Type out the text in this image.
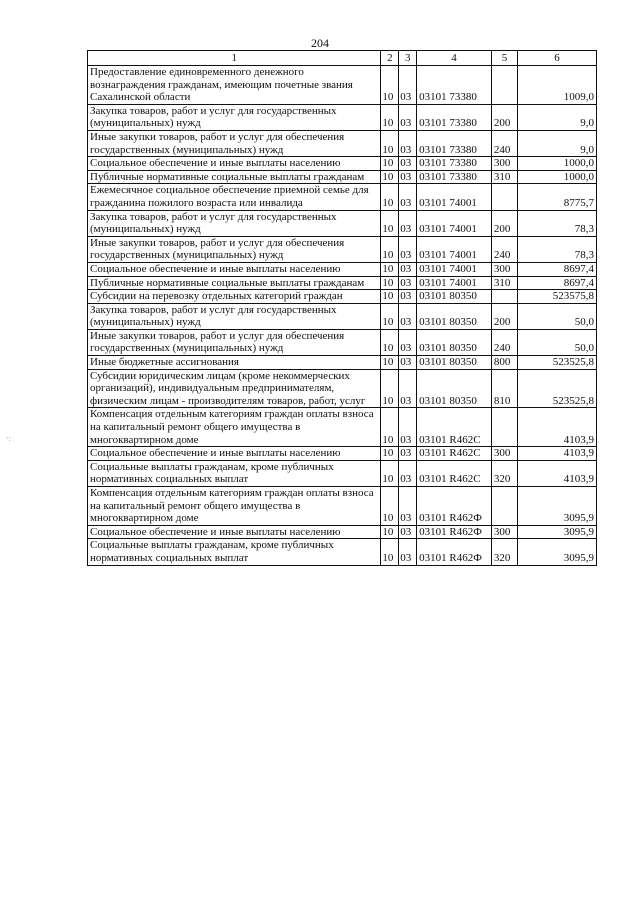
204
1	2	3	4	5	6
Предоставление единовременного денежного вознаграждения гражданам, имеющим почетные звания Сахалинской области	10	03	03101 73380		1009,0
Закупка товаров, работ и услуг для государственных (муниципальных) нужд	10	03	03101 73380	200	9,0
Иные закупки товаров, работ и услуг для обеспечения государственных (муниципальных) нужд	10	03	03101 73380	240	9,0
Социальное обеспечение и иные выплаты населению	10	03	03101 73380	300	1000,0
Публичные нормативные социальные выплаты гражданам	10	03	03101 73380	310	1000,0
Ежемесячное социальное обеспечение приемной семье для гражданина пожилого возраста или инвалида	10	03	03101 74001		8775,7
Закупка товаров, работ и услуг для государственных (муниципальных) нужд	10	03	03101 74001	200	78,3
Иные закупки товаров, работ и услуг для обеспечения государственных (муниципальных) нужд	10	03	03101 74001	240	78,3
Социальное обеспечение и иные выплаты населению	10	03	03101 74001	300	8697,4
Публичные нормативные социальные выплаты гражданам	10	03	03101 74001	310	8697,4
Субсидии на перевозку отдельных категорий граждан	10	03	03101 80350		523575,8
Закупка товаров, работ и услуг для государственных (муниципальных) нужд	10	03	03101 80350	200	50,0
Иные закупки товаров, работ и услуг для обеспечения государственных (муниципальных) нужд	10	03	03101 80350	240	50,0
Иные бюджетные ассигнования	10	03	03101 80350	800	523525,8
Субсидии юридическим лицам (кроме некоммерческих организаций), индивидуальным предпринимателям, физическим лицам - производителям товаров, работ, услуг	10	03	03101 80350	810	523525,8
Компенсация отдельным категориям граждан оплаты взноса на капитальный ремонт общего имущества в многоквартирном доме	10	03	03101 R462C		4103,9
Социальное обеспечение и иные выплаты населению	10	03	03101 R462C	300	4103,9
Социальные выплаты гражданам, кроме публичных нормативных социальных выплат	10	03	03101 R462C	320	4103,9
Компенсация отдельным категориям граждан оплаты взноса на капитальный ремонт общего имущества в многоквартирном доме	10	03	03101 R462Ф		3095,9
Социальное обеспечение и иные выплаты населению	10	03	03101 R462Ф	300	3095,9
Социальные выплаты гражданам, кроме публичных нормативных социальных выплат	10	03	03101 R462Ф	320	3095,9
·:
